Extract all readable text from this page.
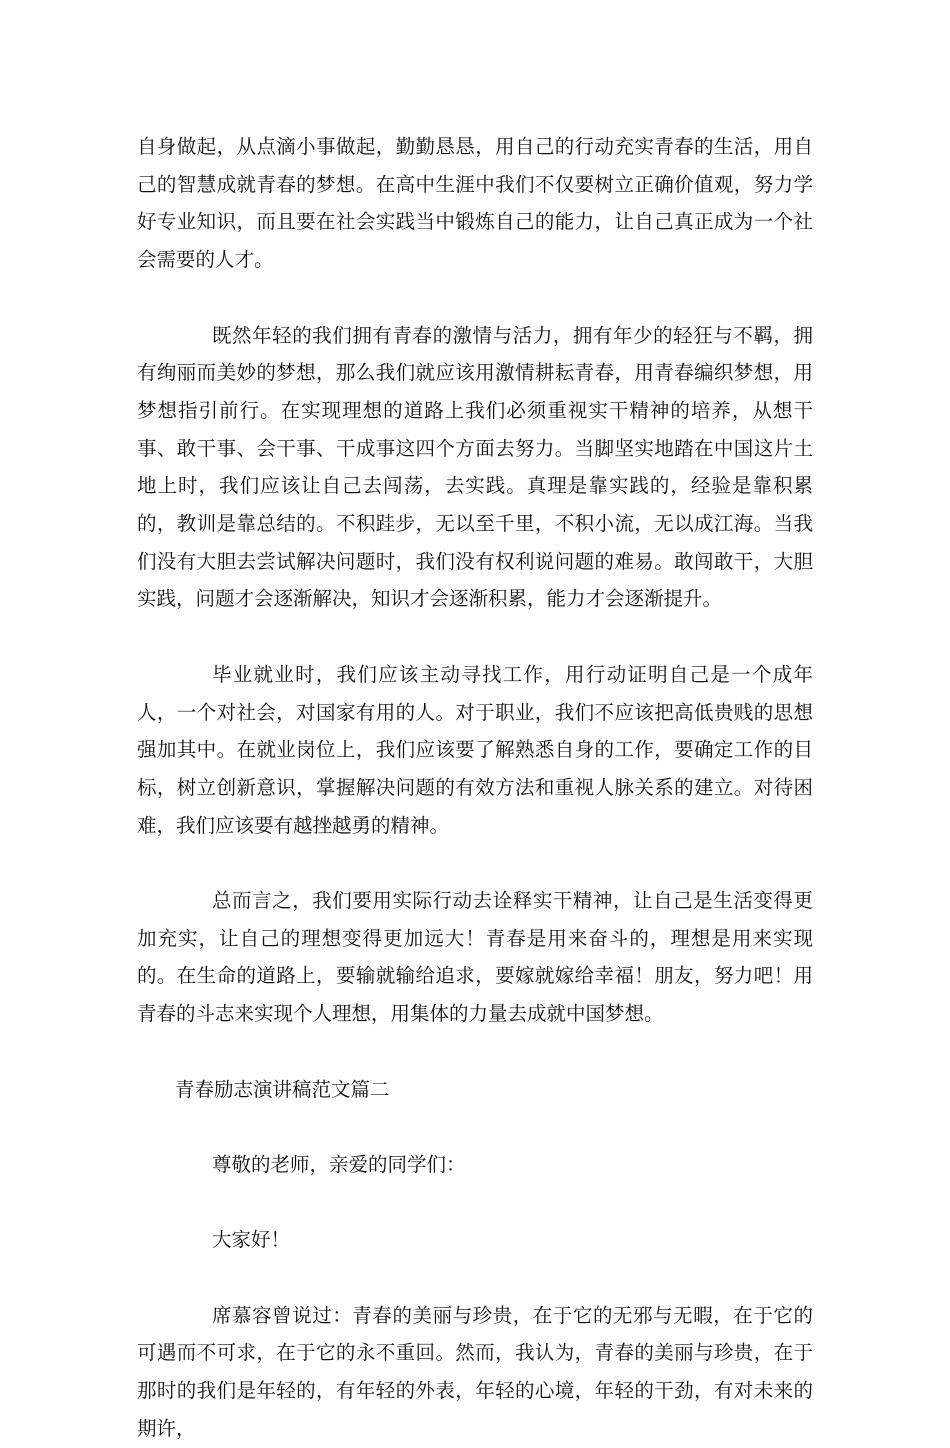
自身做起，从点滴小事做起，勤勤恳恳，用自己的行动充实青春的生活，用自己的智慧成就青春的梦想。在高中生涯中我们不仅要树立正确价值观，努力学好专业知识，而且要在社会实践当中锻炼自己的能力，让自己真正成为一个社会需要的人才。

既然年轻的我们拥有青春的激情与活力，拥有年少的轻狂与不羁，拥有绚丽而美妙的梦想，那么我们就应该用激情耕耘青春，用青春编织梦想，用梦想指引前行。在实现理想的道路上我们必须重视实干精神的培养，从想干事、敢干事、会干事、干成事这四个方面去努力。当脚坚实地踏在中国这片土地上时，我们应该让自己去闯荡，去实践。真理是靠实践的，经验是靠积累的，教训是靠总结的。不积跬步，无以至千里，不积小流，无以成江海。当我们没有大胆去尝试解决问题时，我们没有权利说问题的难易。敢闯敢干，大胆实践，问题才会逐渐解决，知识才会逐渐积累，能力才会逐渐提升。

毕业就业时，我们应该主动寻找工作，用行动证明自己是一个成年人，一个对社会，对国家有用的人。对于职业，我们不应该把高低贵贱的思想强加其中。在就业岗位上，我们应该要了解熟悉自身的工作，要确定工作的目标，树立创新意识，掌握解决问题的有效方法和重视人脉关系的建立。对待困难，我们应该要有越挫越勇的精神。

总而言之，我们要用实际行动去诠释实干精神，让自己是生活变得更加充实，让自己的理想变得更加远大！青春是用来奋斗的，理想是用来实现的。在生命的道路上，要输就输给追求，要嫁就嫁给幸福！朋友，努力吧！用青春的斗志来实现个人理想，用集体的力量去成就中国梦想。

青春励志演讲稿范文篇二

尊敬的老师，亲爱的同学们：

大家好！

席慕容曾说过：青春的美丽与珍贵，在于它的无邪与无暇，在于它的可遇而不可求，在于它的永不重回。然而，我认为，青春的美丽与珍贵，在于那时的我们是年轻的，有年轻的外表，年轻的心境，年轻的干劲，有对未来的期许，
